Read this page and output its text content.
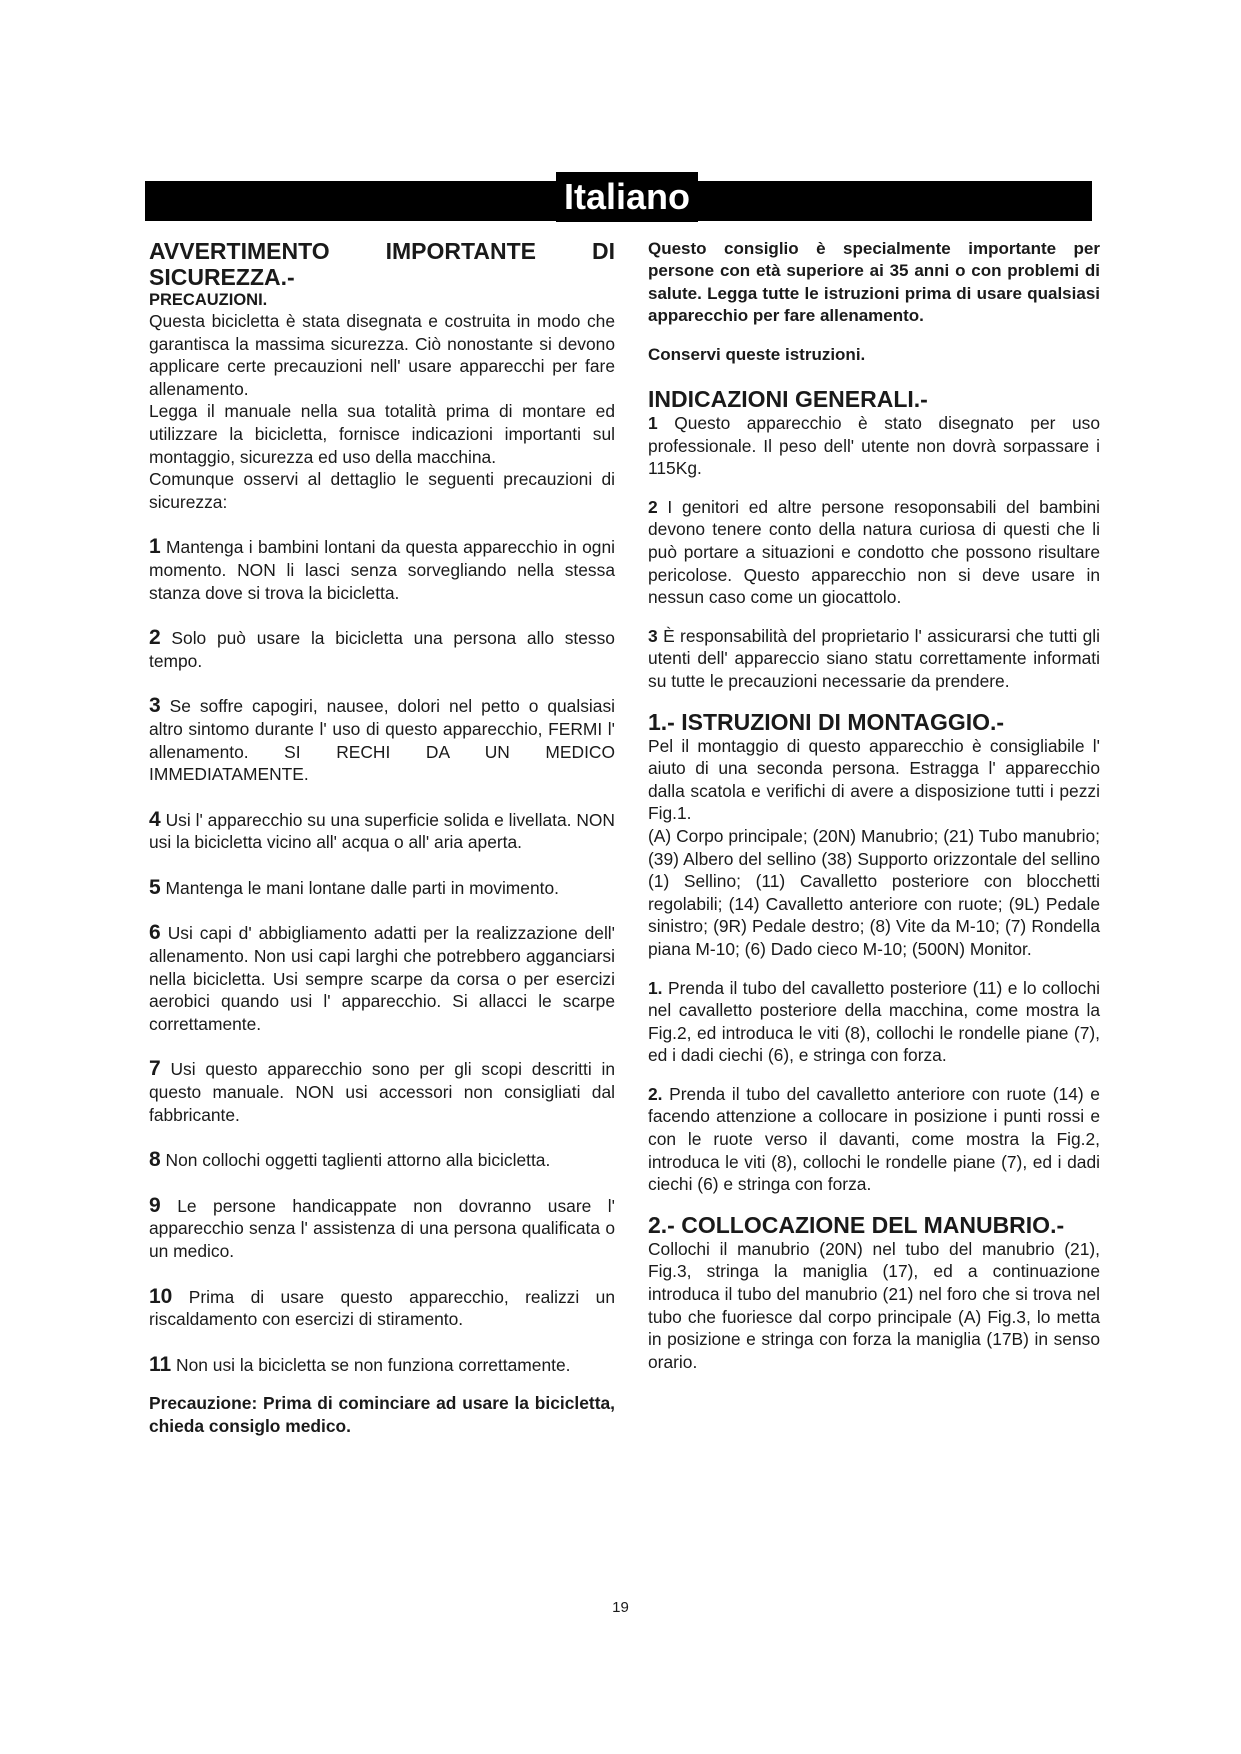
Italiano

AVVERTIMENTO IMPORTANTE DI SICUREZZA.-

PRECAUZIONI.

Questa bicicletta è stata disegnata e costruita in modo che garantisca la massima sicurezza. Ciò nonostante si devono applicare certe precauzioni nell' usare apparecchi per fare allenamento.

Legga il manuale nella sua totalità prima di montare ed utilizzare la bicicletta, fornisce indicazioni importanti sul montaggio, sicurezza ed uso della macchina.

Comunque osservi al dettaglio le seguenti precauzioni di sicurezza:

1 Mantenga i bambini lontani da questa apparecchio in ogni momento. NON li lasci senza sorvegliando nella stessa stanza dove si trova la bicicletta.

2 Solo può usare la bicicletta una persona allo stesso tempo.

3 Se soffre capogiri, nausee, dolori nel petto o qualsiasi altro sintomo durante l' uso di questo apparecchio, FERMI l' allenamento. SI RECHI DA UN MEDICO IMMEDIATAMENTE.

4 Usi l' apparecchio su una superficie solida e livellata. NON usi la bicicletta vicino all' acqua o all' aria aperta.

5 Mantenga le mani lontane dalle parti in movimento.

6 Usi capi d' abbigliamento adatti per la realizzazione dell' allenamento. Non usi capi larghi che potrebbero agganciarsi nella bicicletta. Usi sempre scarpe da corsa o per esercizi aerobici quando usi l' apparecchio. Si allacci le scarpe correttamente.

7 Usi questo apparecchio sono per gli scopi descritti in questo manuale. NON usi accessori non consigliati dal fabbricante.

8 Non collochi oggetti taglienti attorno alla bicicletta.

9 Le persone handicappate non dovranno usare l' apparecchio senza l' assistenza di una persona qualificata o un medico.

10 Prima di usare questo apparecchio, realizzi un riscaldamento con esercizi di stiramento.

11 Non usi la bicicletta se non funziona correttamente.

Precauzione: Prima di cominciare ad usare la bicicletta, chieda consiglo medico.

Questo consiglio è specialmente importante per persone con età superiore ai 35 anni o con problemi di salute. Legga tutte le istruzioni prima di usare qualsiasi apparecchio per fare allenamento.

Conservi queste istruzioni.

INDICAZIONI GENERALI.-

1 Questo apparecchio è stato disegnato per uso professionale. Il peso dell' utente non dovrà sorpassare i 115Kg.

2 I genitori ed altre persone resoponsabili del bambini devono tenere conto della natura curiosa di questi che li può portare a situazioni e condotto che possono risultare pericolose. Questo apparecchio non si deve usare in nessun caso come un giocattolo.

3 È responsabilità del proprietario l' assicurarsi che tutti gli utenti dell' appareccio siano statu correttamente informati su tutte le precauzioni necessarie da prendere.

1.- ISTRUZIONI DI MONTAGGIO.-

Pel il montaggio di questo apparecchio è consigliabile l' aiuto di una seconda persona. Estragga l' apparecchio dalla scatola e verifichi di avere a disposizione tutti i pezzi Fig.1.

(A) Corpo principale; (20N) Manubrio; (21) Tubo manubrio; (39) Albero del sellino (38) Supporto orizzontale del sellino (1) Sellino; (11) Cavalletto posteriore con blocchetti regolabili; (14) Cavalletto anteriore con ruote; (9L) Pedale sinistro; (9R) Pedale destro; (8) Vite da M-10; (7) Rondella piana M-10; (6) Dado cieco M-10; (500N) Monitor.

1. Prenda il tubo del cavalletto posteriore (11) e lo collochi nel cavalletto posteriore della macchina, come mostra la Fig.2, ed introduca le viti (8), collochi le rondelle piane (7), ed i dadi ciechi (6), e stringa con forza.

2. Prenda il tubo del cavalletto anteriore con ruote (14) e facendo attenzione a collocare in posizione i punti rossi e con le ruote verso il davanti, come mostra la Fig.2, introduca le viti (8), collochi le rondelle piane (7), ed i dadi ciechi (6) e stringa con forza.

2.- COLLOCAZIONE DEL MANUBRIO.-

Collochi il manubrio (20N) nel tubo del manubrio (21), Fig.3, stringa la maniglia (17), ed a continuazione introduca il tubo del manubrio (21) nel foro che si trova nel tubo che fuoriesce dal corpo principale (A) Fig.3, lo metta in posizione e stringa con forza la maniglia (17B) in senso orario.

19
